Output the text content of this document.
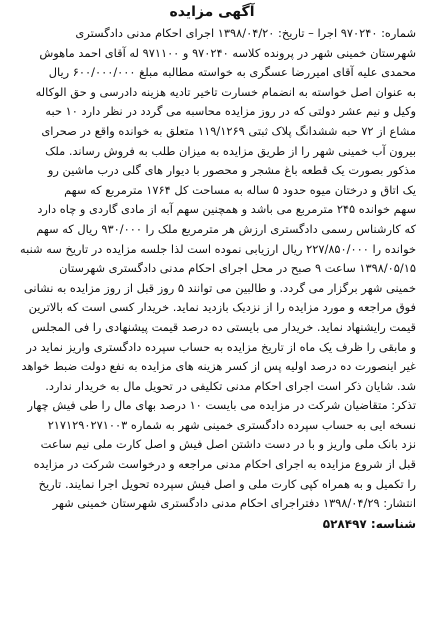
آگهی مزایده
شماره: ۹۷۰۲۴۰ اجرا – تاریخ: ۱۳۹۸/۰۴/۲۰ اجرای احکام مدنی دادگستری
شهرستان خمینی شهر در پرونده کلاسه ۹۷۰۲۴۰ و ۹۷۱۱۰۰ له آقای احمد ماهوش
محمدی علیه آقای امیررضا عسگری به خواسته مطالبه مبلغ ۶۰۰/۰۰۰/۰۰۰ ریال
به عنوان اصل خواسته به انضمام خسارت تاخیر تادیه هزینه دادرسی و حق الوکاله
وکیل و نیم عشر دولتی که در روز مزایده محاسبه می گردد در نظر دارد ۱۰ حبه
مشاع از ۷۲ حبه ششدانگ پلاک ثبتی ۱۱۹/۱۲۶۹ متعلق به خوانده واقع در صحرای
بیرون آب خمینی شهر را از طریق مزایده به میزان طلب به فروش رساند. ملک
مذکور بصورت یک قطعه باغ مشجر و محصور با دیوار های گلی درب ماشین رو
یک اتاق و درختان میوه حدود ۵ ساله به مساحت کل ۱۷۶۴ مترمربع که سهم
سهم خوانده ۲۴۵ مترمربع می باشد و همچنین سهم آبه از مادی گاردی و چاه دارد
که کارشناس رسمی دادگستری ارزش هر مترمربع ملک را ۹۳۰/۰۰۰ ریال که سهم
خوانده را ۲۲۷/۸۵۰/۰۰۰ ریال ارزیابی نموده است لذا جلسه مزایده در تاریخ سه شنبه
۱۳۹۸/۰۵/۱۵ ساعت ۹ صبح در محل اجرای احکام مدنی دادگستری شهرستان
خمینی شهر برگزار می گردد. و طالبین می توانند ۵ روز قبل از روز مزایده به نشانی
فوق مراجعه و مورد مزایده را از نزدیک بازدید نماید. خریدار کسی است که بالاترین
قیمت رایشنهاد نماید. خریدار می بایستی ده درصد قیمت پیشنهادی را فی المجلس
و مابقی را ظرف یک ماه از تاریخ مزایده به حساب سپرده دادگستری واریز نماید در
غیر اینصورت ده درصد اولیه پس از کسر هزینه های مزایده به نفع دولت ضبط خواهد
شد. شایان ذکر است اجرای احکام مدنی تکلیفی در تحویل مال به خریدار ندارد.
تذکر: متقاضیان شرکت در مزایده می بایست ۱۰ درصد بهای مال را طی فیش چهار
نسخه ایی به حساب سپرده دادگستری خمینی شهر به شماره ۲۱۷۱۲۹۰۲۷۱۰۰۳
نزد بانک ملی واریز و با در دست داشتن اصل فیش و اصل کارت ملی نیم ساعت
قبل از شروع مزایده به اجرای احکام مدنی مراجعه و درخواست شرکت در مزایده
را تکمیل و به همراه کپی کارت ملی و اصل فیش سپرده تحویل اجرا نمایند. تاریخ
انتشار: ۱۳۹۸/۰۴/۲۹ دفتراجرای احکام مدنی دادگستری شهرستان خمینی شهر
شناسه: ۵۲۸۴۹۷
